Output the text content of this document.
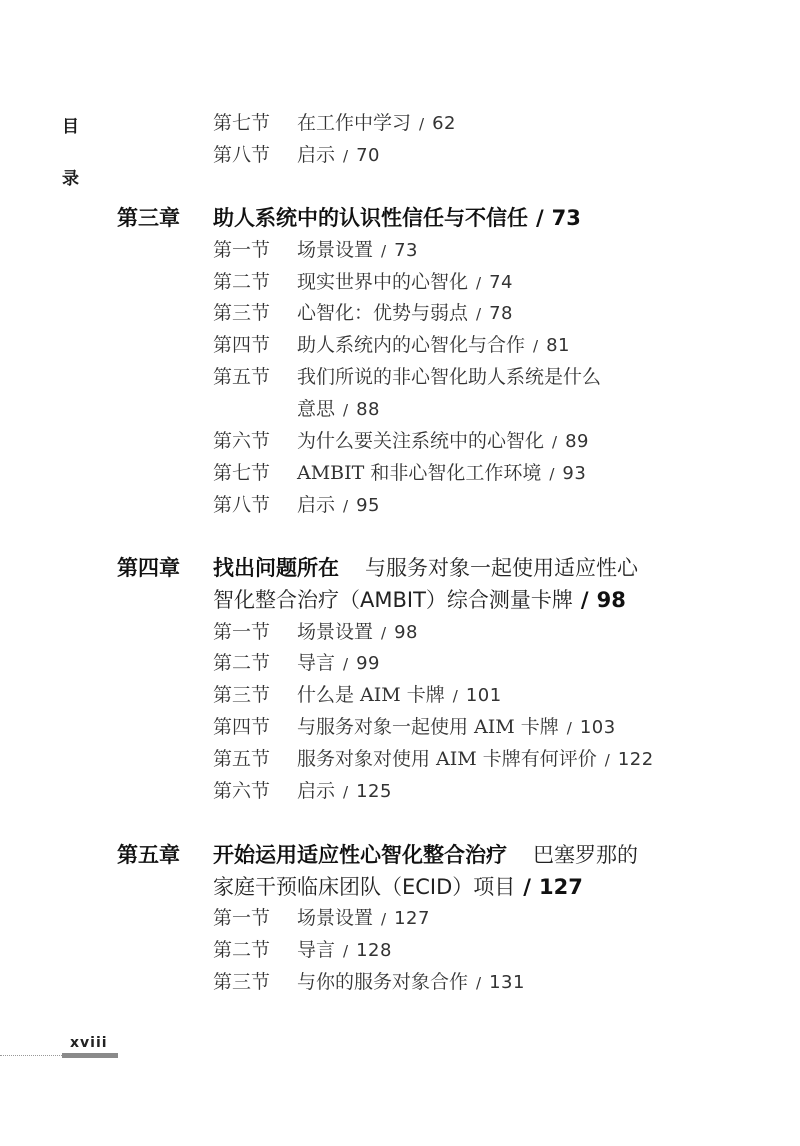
目
录
第七节 在工作中学习 / 62
第八节 启示 / 70
第三章 助人系统中的认识性信任与不信任 / 73
第一节 场景设置 / 73
第二节 现实世界中的心智化 / 74
第三节 心智化：优势与弱点 / 78
第四节 助人系统内的心智化与合作 / 81
第五节 我们所说的非心智化助人系统是什么
意思 / 88
第六节 为什么要关注系统中的心智化 / 89
第七节 AMBIT 和非心智化工作环境 / 93
第八节 启示 / 95
第四章 找出问题所在 与服务对象一起使用适应性心
智化整合治疗（AMBIT）综合测量卡牌 / 98
第一节 场景设置 / 98
第二节 导言 / 99
第三节 什么是 AIM 卡牌 / 101
第四节 与服务对象一起使用 AIM 卡牌 / 103
第五节 服务对象对使用 AIM 卡牌有何评价 / 122
第六节 启示 / 125
第五章 开始运用适应性心智化整合治疗 巴塞罗那的
家庭干预临床团队（ECID）项目 / 127
第一节 场景设置 / 127
第二节 导言 / 128
第三节 与你的服务对象合作 / 131
xviii
